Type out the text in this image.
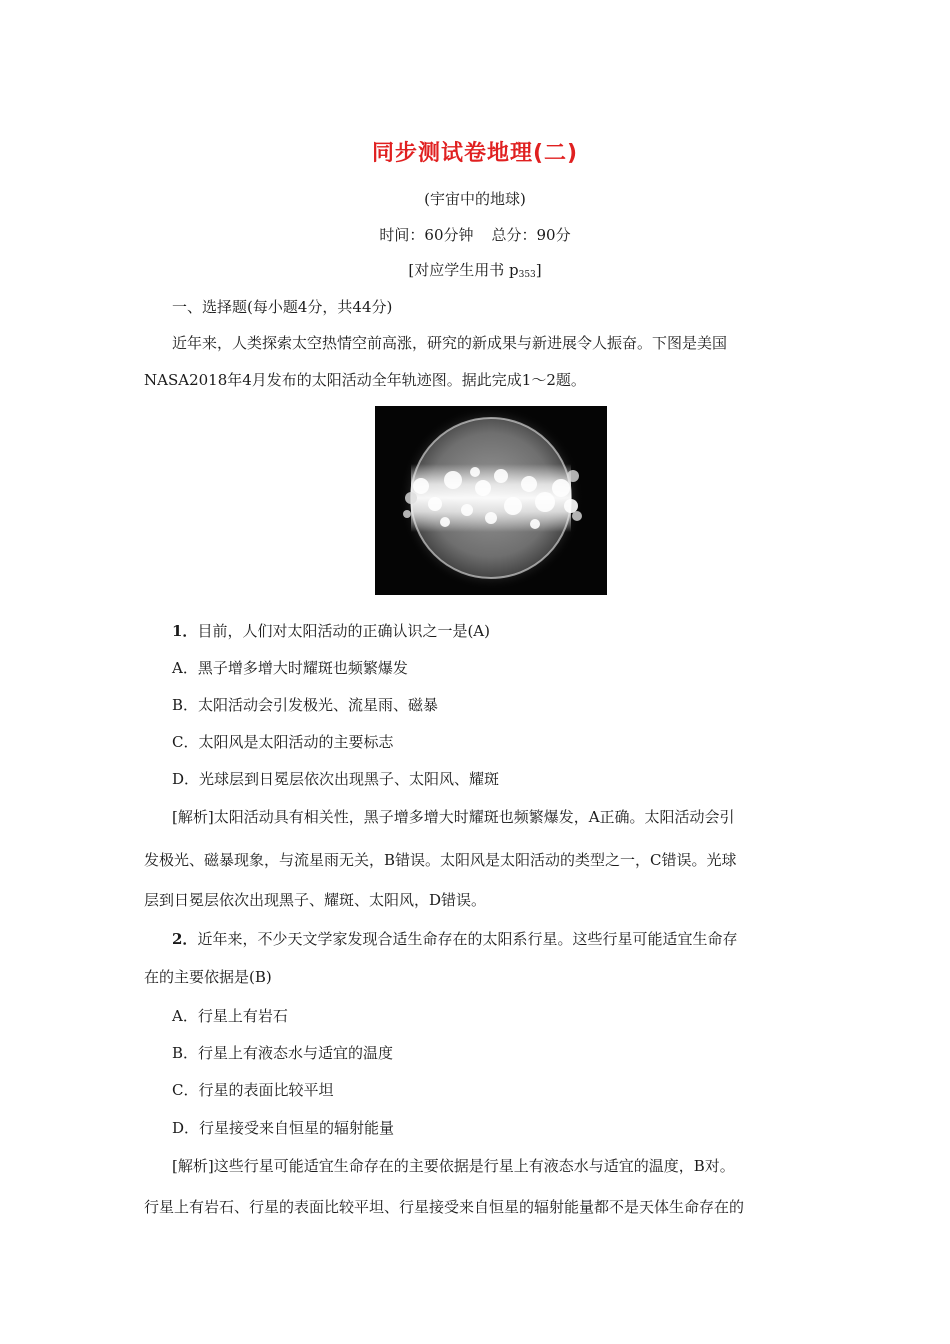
同步测试卷地理(二)
(宇宙中的地球)
时间：60分钟 总分：90分
[对应学生用书 $p_{353}$]
一、选择题(每小题4分，共44分)
近年来，人类探索太空热情空前高涨，研究的新成果与新进展令人振奋。下图是美国
NASA2018年4月发布的太阳活动全年轨迹图。据此完成1～2题。
1．目前，人们对太阳活动的正确认识之一是(A)
A．黑子增多增大时耀斑也频繁爆发
B．太阳活动会引发极光、流星雨、磁暴
C．太阳风是太阳活动的主要标志
D．光球层到日冕层依次出现黑子、太阳风、耀斑
[解析]太阳活动具有相关性，黑子增多增大时耀斑也频繁爆发，A正确。太阳活动会引
发极光、磁暴现象，与流星雨无关，B错误。太阳风是太阳活动的类型之一，C错误。光球
层到日冕层依次出现黑子、耀斑、太阳风，D错误。
2．近年来，不少天文学家发现合适生命存在的太阳系行星。这些行星可能适宜生命存
在的主要依据是(B)
A．行星上有岩石
B．行星上有液态水与适宜的温度
C．行星的表面比较平坦
D．行星接受来自恒星的辐射能量
[解析]这些行星可能适宜生命存在的主要依据是行星上有液态水与适宜的温度，B对。
行星上有岩石、行星的表面比较平坦、行星接受来自恒星的辐射能量都不是天体生命存在的
